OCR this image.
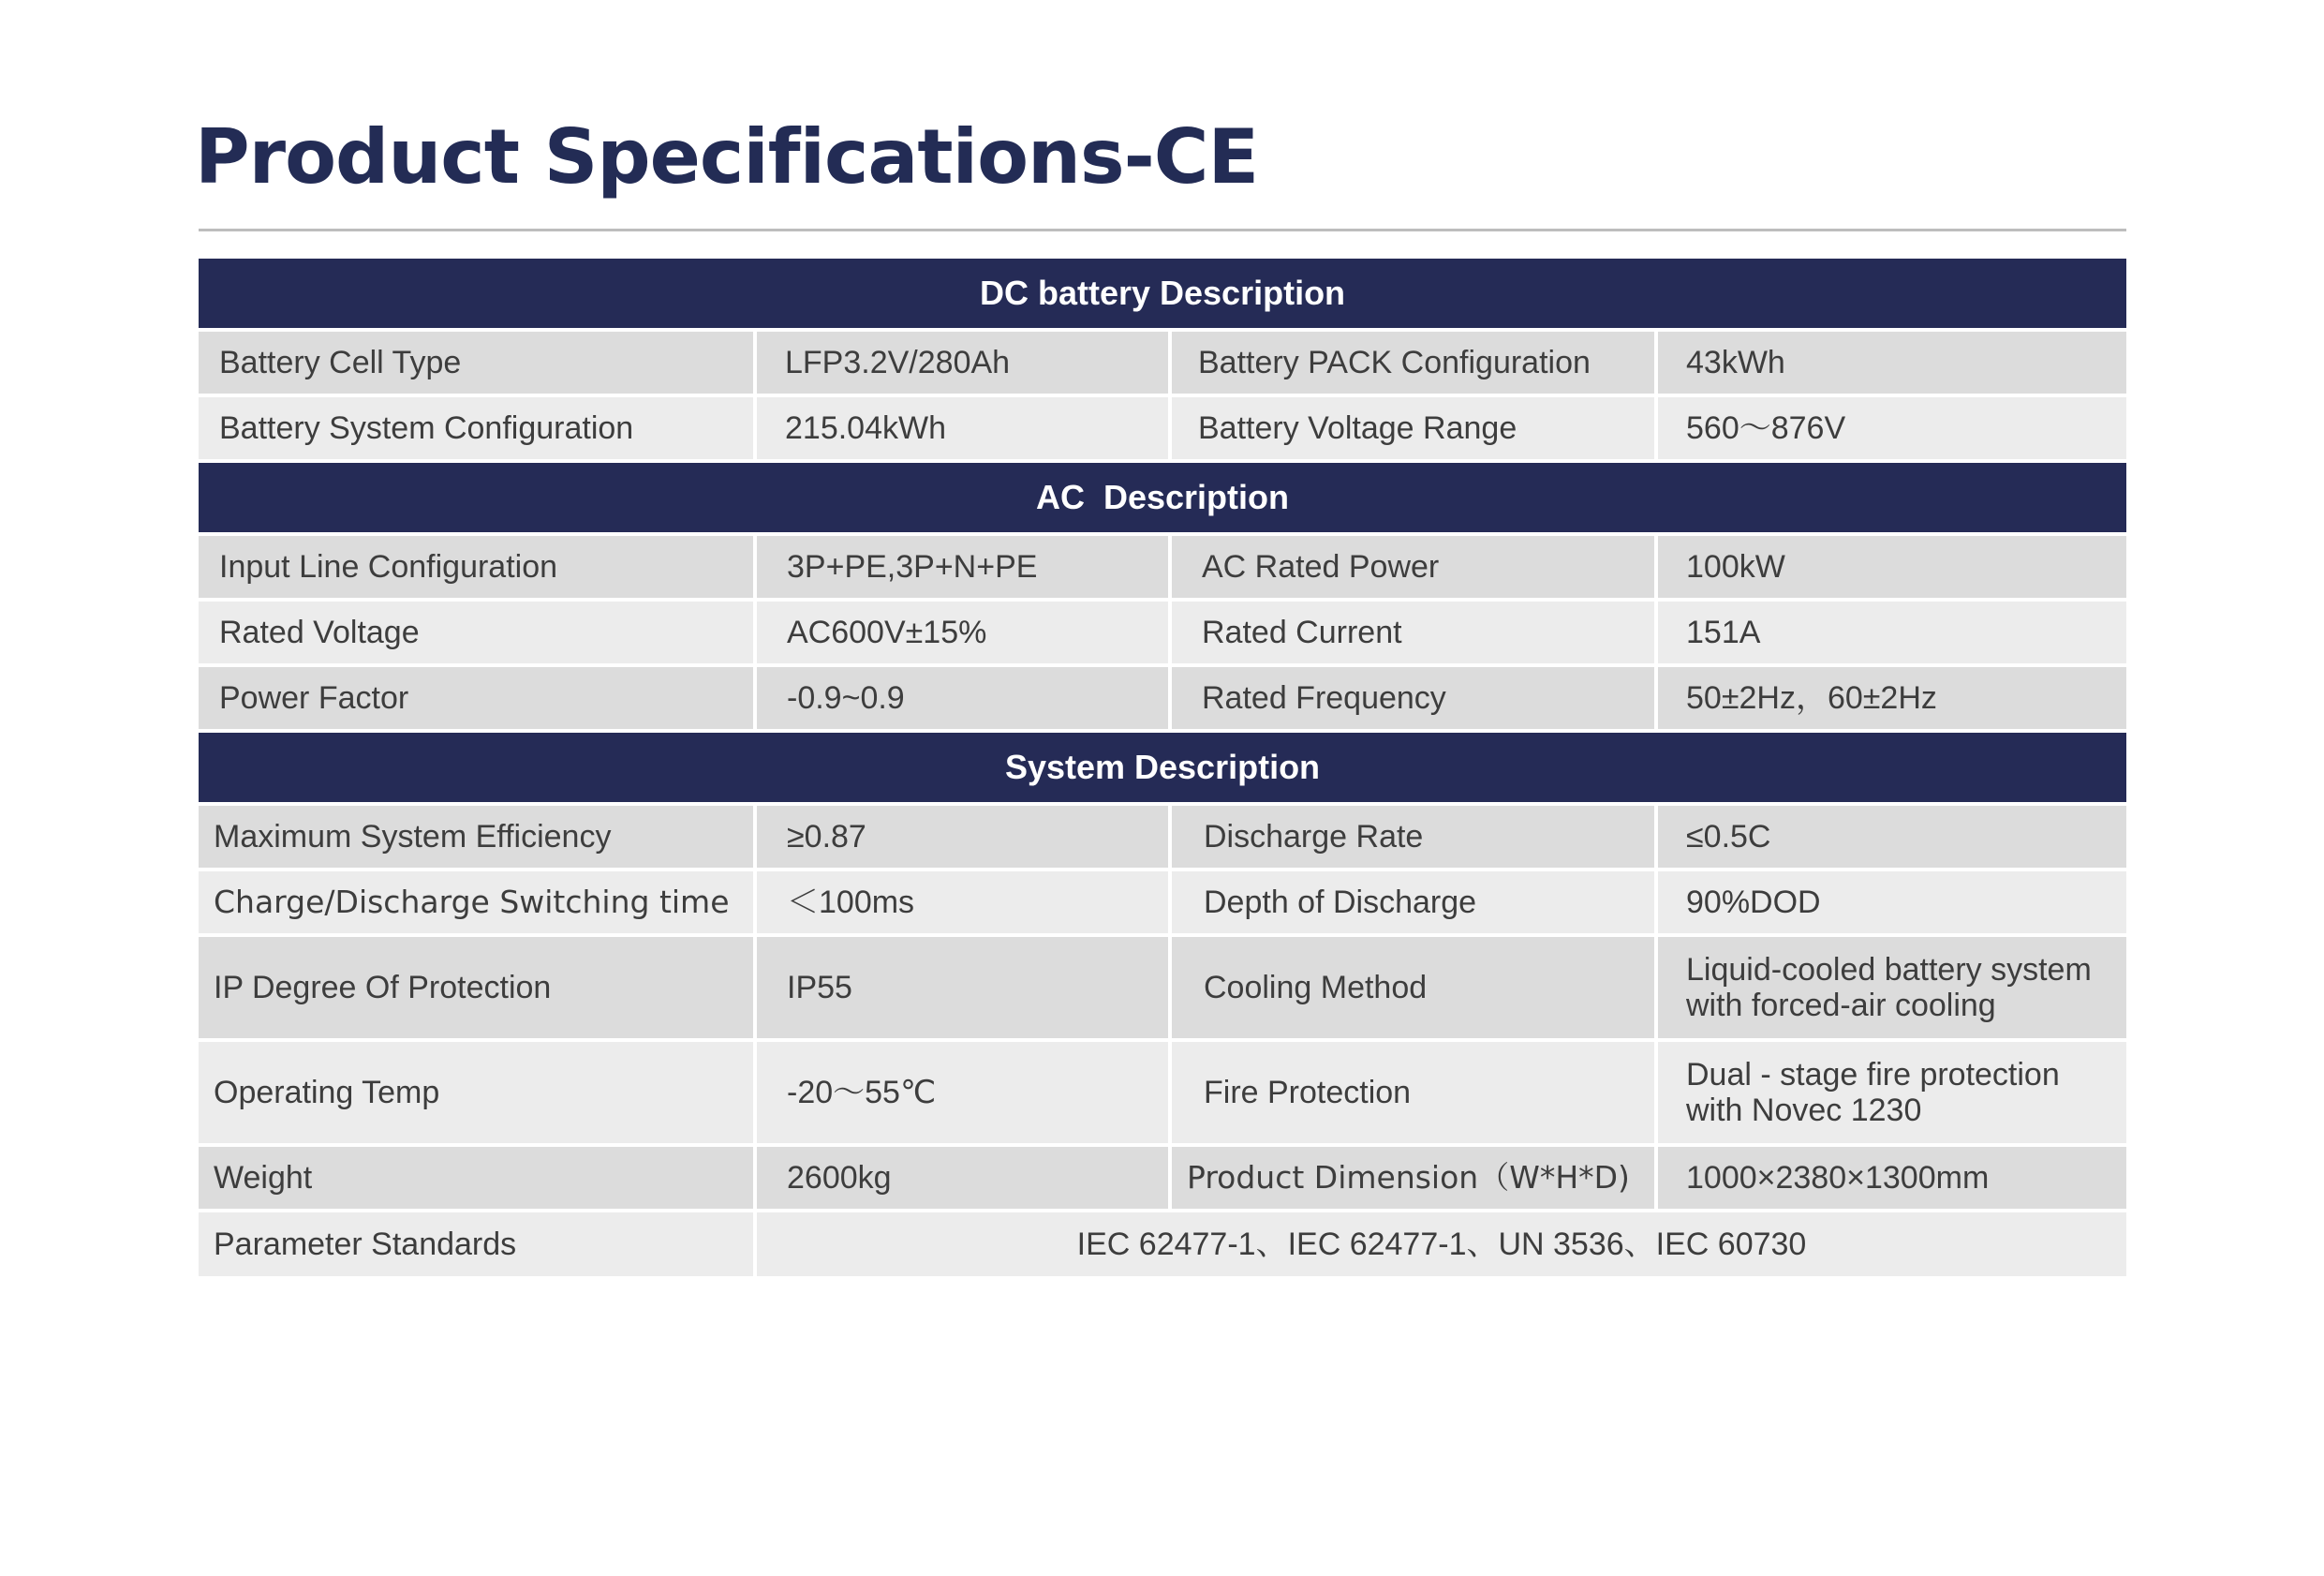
Product Specifications-CE
DC battery Description			
Battery Cell Type	LFP3.2V/280Ah	Battery PACK Configuration	43kWh
Battery System Configuration	215.04kWh	Battery Voltage Range	560～876V
AC  Description			
Input Line Configuration	3P+PE,3P+N+PE	AC Rated Power	100kW
Rated Voltage	AC600V±15%	Rated Current	151A
Power Factor	-0.9~0.9	Rated Frequency	50±2Hz，60±2Hz
System Description			
Maximum System Efficiency	≥0.87	Discharge Rate	≤0.5C
Charge/Discharge Switching time	＜100ms	Depth of Discharge	90%DOD
IP Degree Of Protection	IP55	Cooling Method	Liquid-cooled battery system with forced-air cooling
Operating Temp	-20～55℃	Fire Protection	Dual - stage fire protection with Novec 1230
Weight	2600kg	Product Dimension（W*H*D)	1000×2380×1300mm
Parameter Standards	IEC 62477-1、IEC 62477-1、UN 3536、IEC 60730		
